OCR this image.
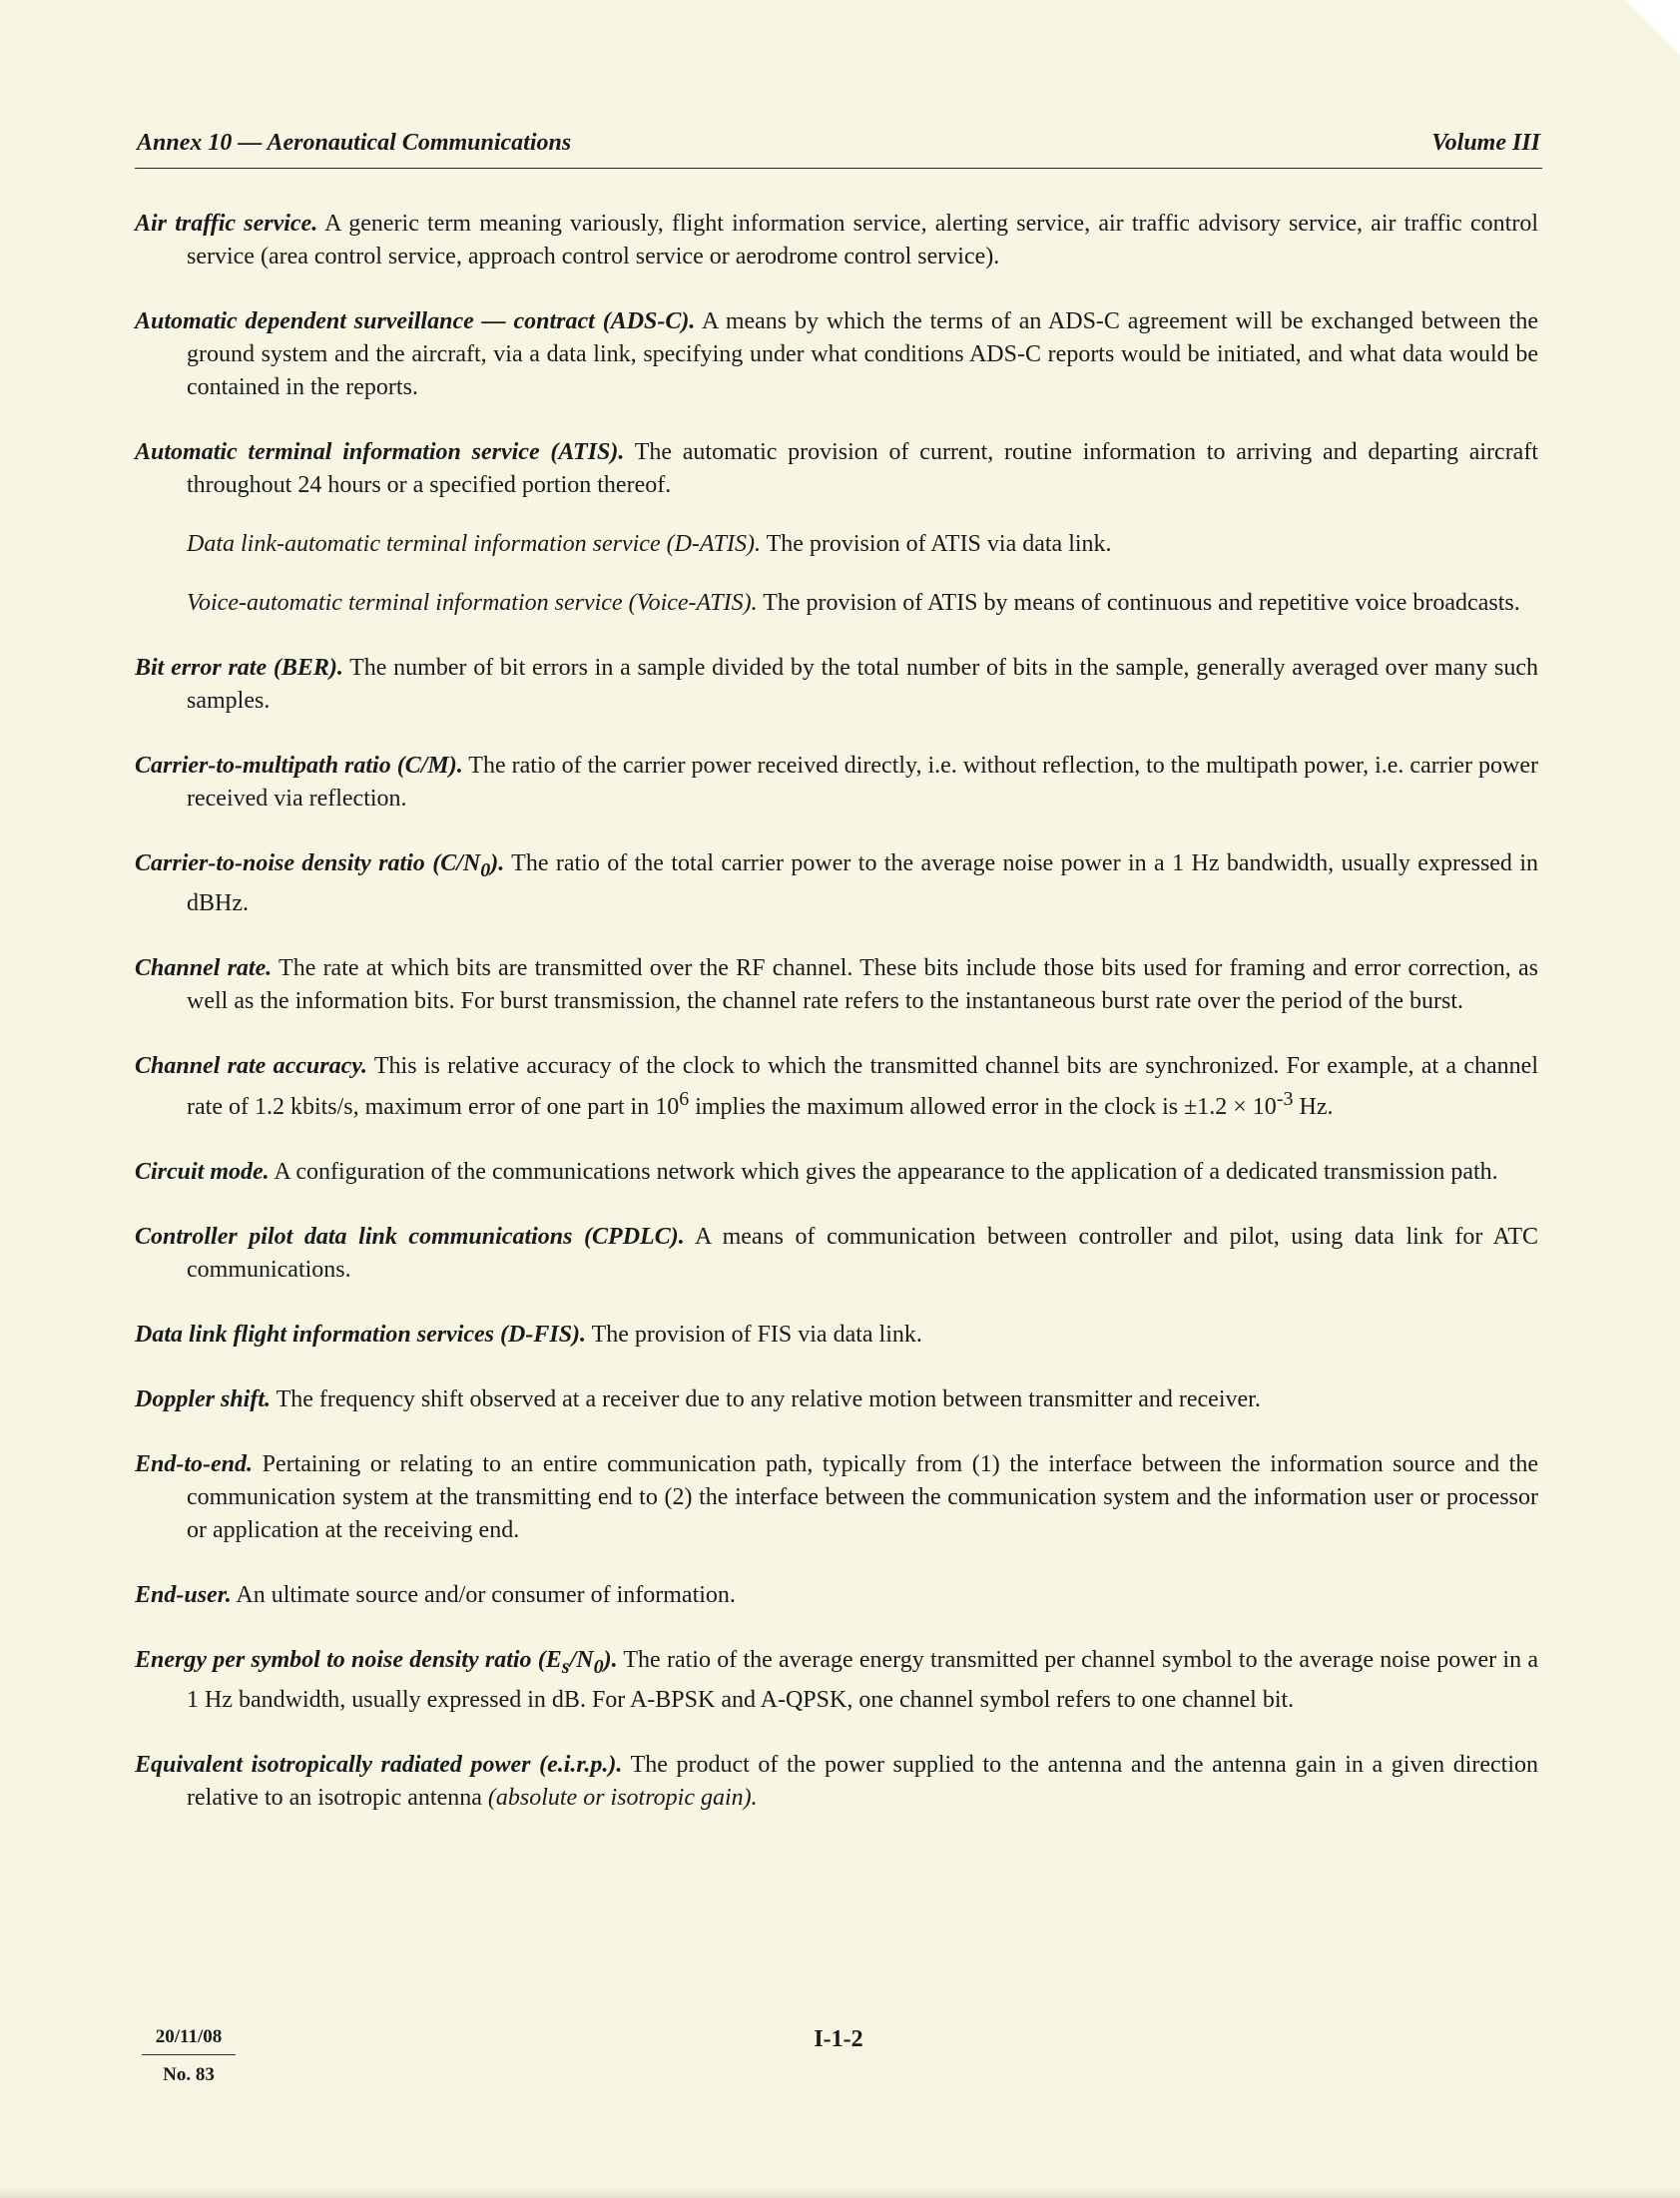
Annex 10 — Aeronautical Communications	Volume III

Air traffic service. A generic term meaning variously, flight information service, alerting service, air traffic advisory service, air traffic control service (area control service, approach control service or aerodrome control service).

Automatic dependent surveillance — contract (ADS-C). A means by which the terms of an ADS-C agreement will be exchanged between the ground system and the aircraft, via a data link, specifying under what conditions ADS-C reports would be initiated, and what data would be contained in the reports.

Automatic terminal information service (ATIS). The automatic provision of current, routine information to arriving and departing aircraft throughout 24 hours or a specified portion thereof.

Data link-automatic terminal information service (D-ATIS). The provision of ATIS via data link.

Voice-automatic terminal information service (Voice-ATIS). The provision of ATIS by means of continuous and repetitive voice broadcasts.

Bit error rate (BER). The number of bit errors in a sample divided by the total number of bits in the sample, generally averaged over many such samples.

Carrier-to-multipath ratio (C/M). The ratio of the carrier power received directly, i.e. without reflection, to the multipath power, i.e. carrier power received via reflection.

Carrier-to-noise density ratio $(C/N_0)$. The ratio of the total carrier power to the average noise power in a 1 Hz bandwidth, usually expressed in dBHz.

Channel rate. The rate at which bits are transmitted over the RF channel. These bits include those bits used for framing and error correction, as well as the information bits. For burst transmission, the channel rate refers to the instantaneous burst rate over the period of the burst.

Channel rate accuracy. This is relative accuracy of the clock to which the transmitted channel bits are synchronized. For example, at a channel rate of 1.2 kbits/s, maximum error of one part in $10^6$ implies the maximum allowed error in the clock is $\pm 1.2 \times 10^{-3}$ Hz.

Circuit mode. A configuration of the communications network which gives the appearance to the application of a dedicated transmission path.

Controller pilot data link communications (CPDLC). A means of communication between controller and pilot, using data link for ATC communications.

Data link flight information services (D-FIS). The provision of FIS via data link.

Doppler shift. The frequency shift observed at a receiver due to any relative motion between transmitter and receiver.

End-to-end. Pertaining or relating to an entire communication path, typically from (1) the interface between the information source and the communication system at the transmitting end to (2) the interface between the communication system and the information user or processor or application at the receiving end.

End-user. An ultimate source and/or consumer of information.

Energy per symbol to noise density ratio $(E_s/N_0)$. The ratio of the average energy transmitted per channel symbol to the average noise power in a 1 Hz bandwidth, usually expressed in dB. For A-BPSK and A-QPSK, one channel symbol refers to one channel bit.

Equivalent isotropically radiated power (e.i.r.p.). The product of the power supplied to the antenna and the antenna gain in a given direction relative to an isotropic antenna (absolute or isotropic gain).

20/11/08
No. 83
I-1-2
